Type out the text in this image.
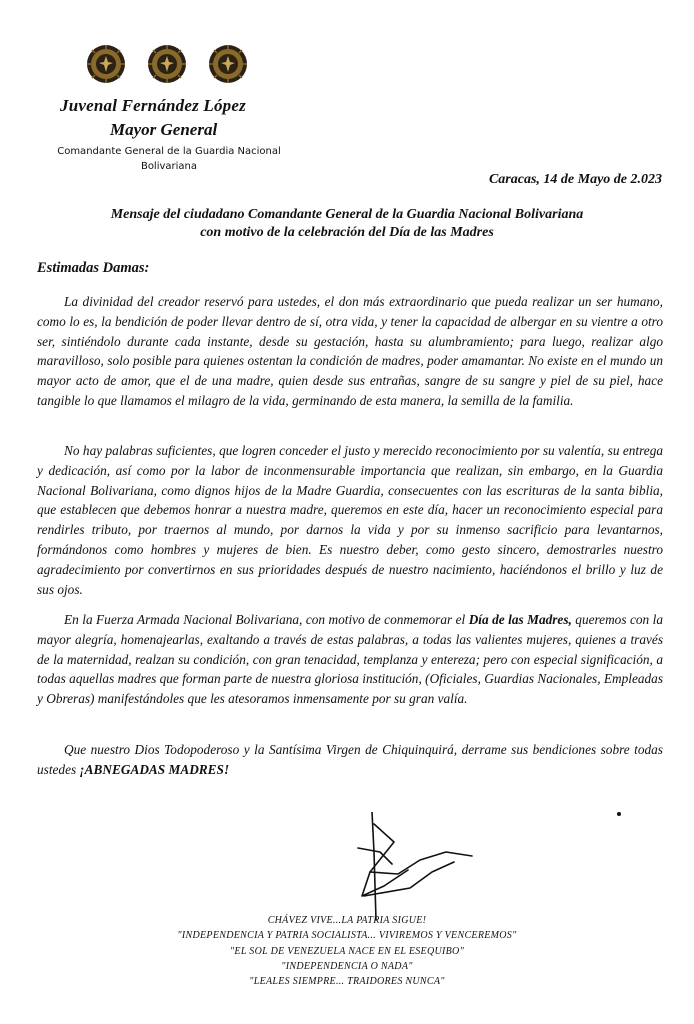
Juvenal Fernández López
Mayor General
Comandante General de la Guardia Nacional
Bolivariana
Caracas, 14 de Mayo de 2.023
Mensaje del ciudadano Comandante General de la Guardia Nacional Bolivariana
con motivo de la celebración del Día de las Madres
Estimadas Damas:

La divinidad del creador reservó para ustedes, el don más extraordinario que pueda realizar un ser humano, como lo es, la bendición de poder llevar dentro de sí, otra vida, y tener la capacidad de albergar en su vientre a otro ser, sintiéndolo durante cada instante, desde su gestación, hasta su alumbramiento; para luego, realizar algo maravilloso, solo posible para quienes ostentan la condición de madres, poder amamantar. No existe en el mundo un mayor acto de amor, que el de una madre, quien desde sus entrañas, sangre de su sangre y piel de su piel, hace tangible lo que llamamos el milagro de la vida, germinando de esta manera, la semilla de la familia.

No hay palabras suficientes, que logren conceder el justo y merecido reconocimiento por su valentía, su entrega y dedicación, así como por la labor de inconmensurable importancia que realizan, sin embargo, en la Guardia Nacional Bolivariana, como dignos hijos de la Madre Guardia, consecuentes con las escrituras de la santa biblia, que establecen que debemos honrar a nuestra madre, queremos en este día, hacer un reconocimiento especial para rendirles tributo, por traernos al mundo, por darnos la vida y por su inmenso sacrificio para levantarnos, formándonos como hombres y mujeres de bien. Es nuestro deber, como gesto sincero, demostrarles nuestro agradecimiento por convertirnos en sus prioridades después de nuestro nacimiento, haciéndonos el brillo y luz de sus ojos.

En la Fuerza Armada Nacional Bolivariana, con motivo de conmemorar el Día de las Madres, queremos con la mayor alegría, homenajearlas, exaltando a través de estas palabras, a todas las valientes mujeres, quienes a través de la maternidad, realzan su condición, con gran tenacidad, templanza y entereza; pero con especial significación, a todas aquellas madres que forman parte de nuestra gloriosa institución, (Oficiales, Guardias Nacionales, Empleadas y Obreras) manifestándoles que les atesoramos inmensamente por su gran valía.

Que nuestro Dios Todopoderoso y la Santísima Virgen de Chiquinquirá, derrame sus bendiciones sobre todas ustedes ¡ABNEGADAS MADRES!

CHÁVEZ VIVE...LA PATRIA SIGUE!
"INDEPENDENCIA Y PATRIA SOCIALISTA... VIVIREMOS Y VENCEREMOS"
"EL SOL DE VENEZUELA NACE EN EL ESEQUIBO"
"INDEPENDENCIA O NADA"
"LEALES SIEMPRE... TRAIDORES NUNCA"
